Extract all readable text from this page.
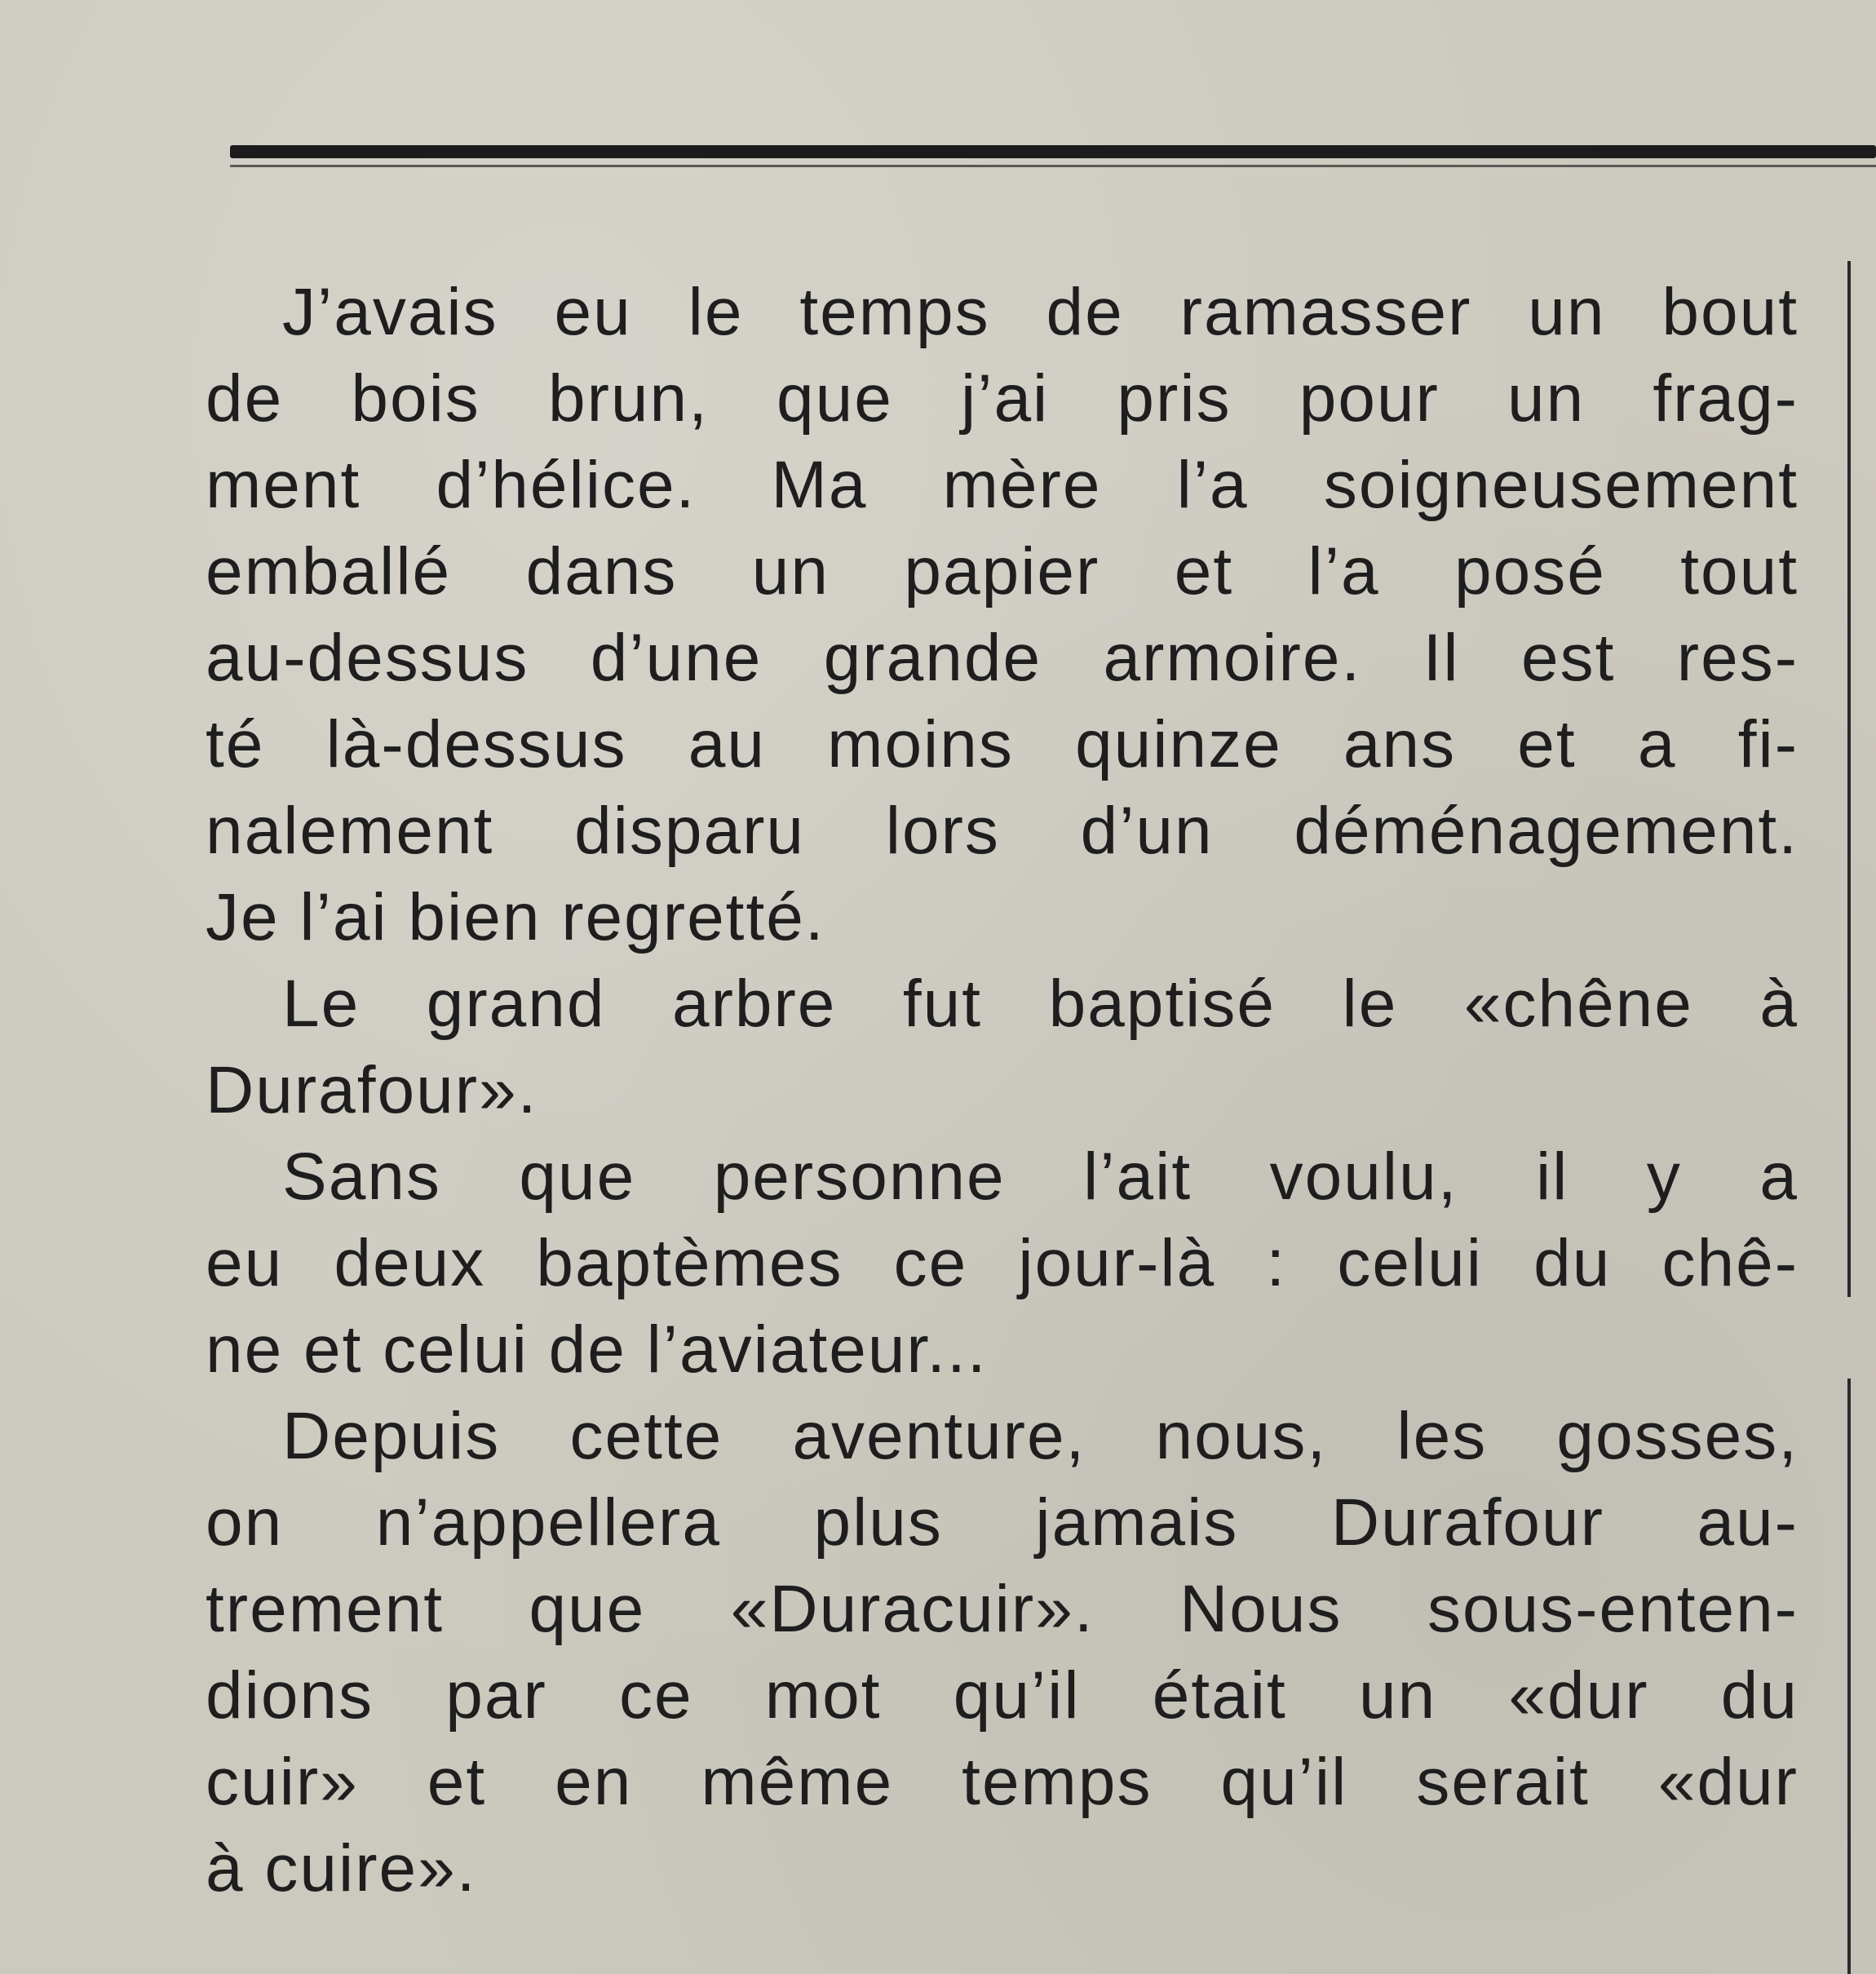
J’avais eu le temps de ramasser un bout
de bois brun, que j’ai pris pour un frag-
ment d’hélice. Ma mère l’a soigneusement
emballé dans un papier et l’a posé tout
au-dessus d’une grande armoire. Il est res-
té là-dessus au moins quinze ans et a fi-
nalement disparu lors d’un déménagement.
Je l’ai bien regretté.
Le grand arbre fut baptisé le «chêne à
Durafour».
Sans que personne l’ait voulu, il y a
eu deux baptèmes ce jour-là : celui du chê-
ne et celui de l’aviateur...
Depuis cette aventure, nous, les gosses,
on n’appellera plus jamais Durafour au-
trement que «Duracuir». Nous sous-enten-
dions par ce mot qu’il était un «dur du
cuir» et en même temps qu’il serait «dur
à cuire».
